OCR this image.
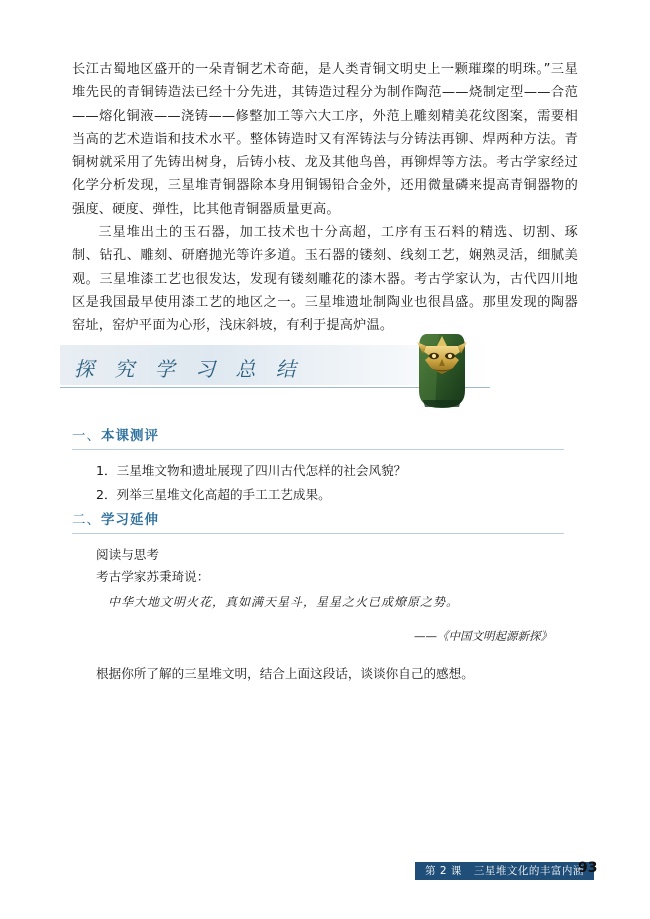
长江古蜀地区盛开的一朵青铜艺术奇葩，是人类青铜文明史上一颗璀璨的明珠。”三星堆先民的青铜铸造法已经十分先进，其铸造过程分为制作陶范——烧制定型——合范——熔化铜液——浇铸——修整加工等六大工序，外范上雕刻精美花纹图案，需要相当高的艺术造诣和技术水平。整体铸造时又有浑铸法与分铸法再铆、焊两种方法。青铜树就采用了先铸出树身，后铸小枝、龙及其他鸟兽，再铆焊等方法。考古学家经过化学分析发现，三星堆青铜器除本身用铜锡铅合金外，还用微量磷来提高青铜器物的强度、硬度、弹性，比其他青铜器质量更高。

三星堆出土的玉石器，加工技术也十分高超，工序有玉石料的精选、切割、琢制、钻孔、雕刻、研磨抛光等许多道。玉石器的镂刻、线刻工艺，娴熟灵活，细腻美观。三星堆漆工艺也很发达，发现有镂刻雕花的漆木器。考古学家认为，古代四川地区是我国最早使用漆工艺的地区之一。三星堆遗址制陶业也很昌盛。那里发现的陶器窑址，窑炉平面为心形，浅床斜坡，有利于提高炉温。

探 究 学 习 总 结
一、本课测评

1．三星堆文物和遗址展现了四川古代怎样的社会风貌？

2．列举三星堆文化高超的手工工艺成果。

二、学习延伸

阅读与思考

考古学家苏秉琦说：

中华大地文明火花，真如满天星斗，星星之火已成燎原之势。

——《中国文明起源新探》

根据你所了解的三星堆文明，结合上面这段话，谈谈你自己的感想。

第 2 课 三星堆文化的丰富内涵
93
